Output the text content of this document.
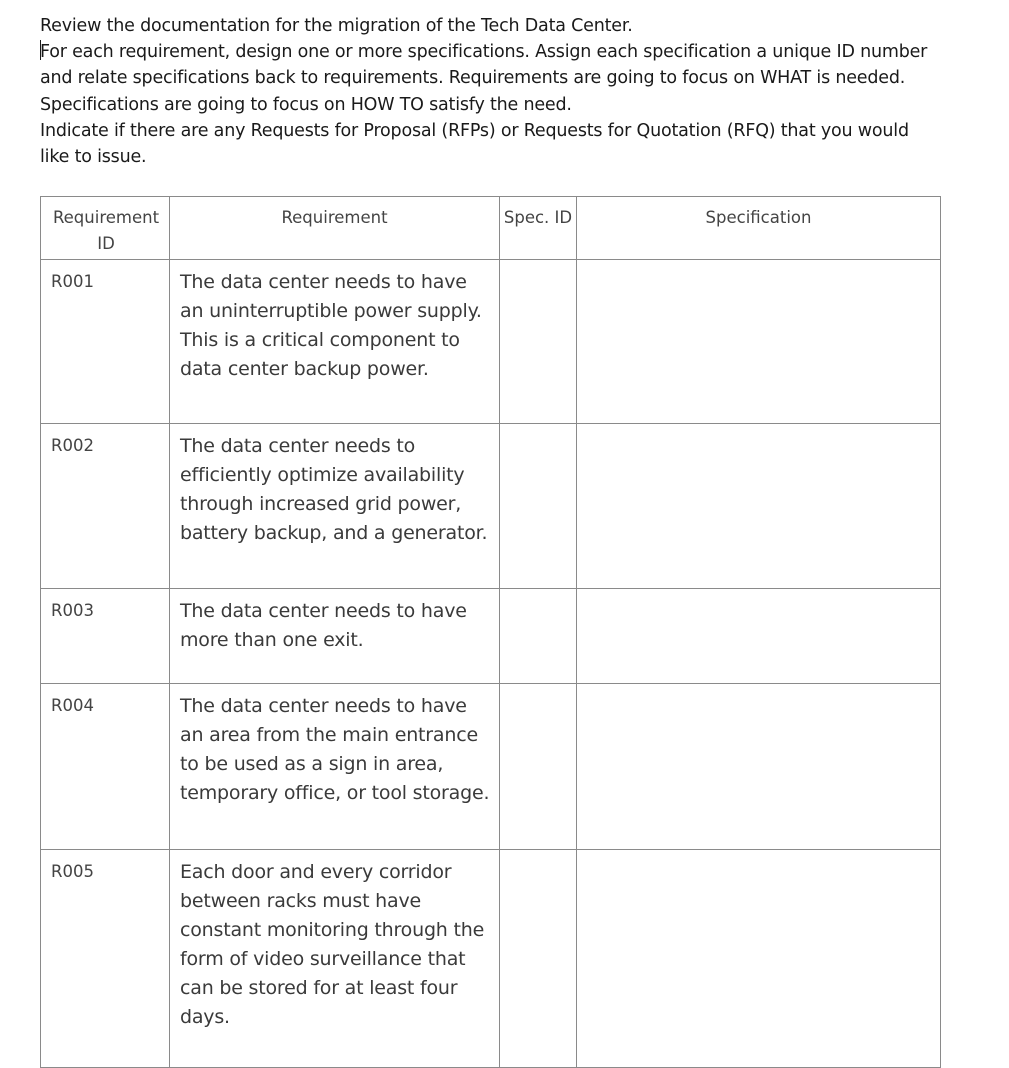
Review the documentation for the migration of the Tech Data Center.

For each requirement, design one or more specifications. Assign each specification a unique ID number and relate specifications back to requirements. Requirements are going to focus on WHAT is needed. Specifications are going to focus on HOW TO satisfy the need.

Indicate if there are any Requests for Proposal (RFPs) or Requests for Quotation (RFQ) that you would like to issue.

Requirement ID	Requirement	Spec. ID	Specification
R001	The data center needs to have an uninterruptible power supply. This is a critical component to data center backup power.		
R002	The data center needs to efficiently optimize availability through increased grid power, battery backup, and a generator.		
R003	The data center needs to have more than one exit.		
R004	The data center needs to have an area from the main entrance to be used as a sign in area, temporary office, or tool storage.		
R005	Each door and every corridor between racks must have constant monitoring through the form of video surveillance that can be stored for at least four days.		
